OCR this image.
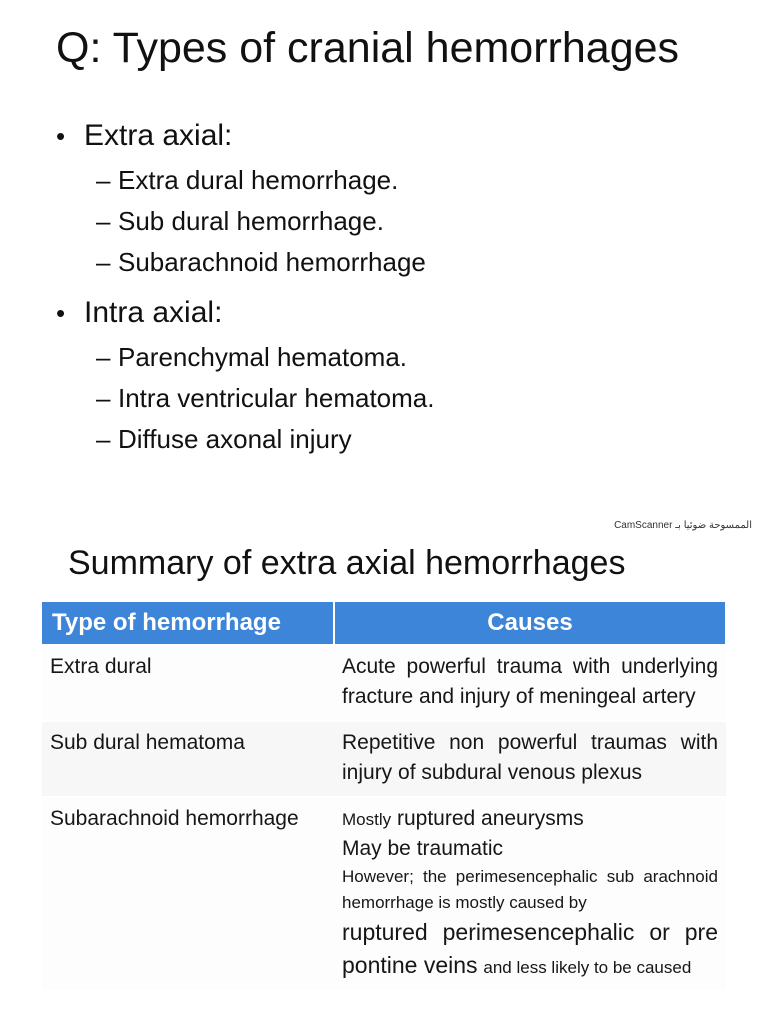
Q: Types of cranial hemorrhages
• Extra axial:
– Extra dural hemorrhage.
– Sub dural hemorrhage.
– Subarachnoid hemorrhage
• Intra axial:
– Parenchymal hematoma.
– Intra ventricular hematoma.
– Diffuse axonal injury
CamScanner الممسوحة ضوئيا بـ
Summary of extra axial hemorrhages
Type of hemorrhage	Causes
Extra dural	Acute powerful trauma with underlying fracture and injury of meningeal artery
Sub dural hematoma	Repetitive non powerful traumas with injury of subdural venous plexus
Subarachnoid hemorrhage	Mostly ruptured aneurysms
May be traumatic
However; the perimesencephalic sub arachnoid hemorrhage is mostly caused by
ruptured perimesencephalic or pre pontine veins and less likely to be caused
